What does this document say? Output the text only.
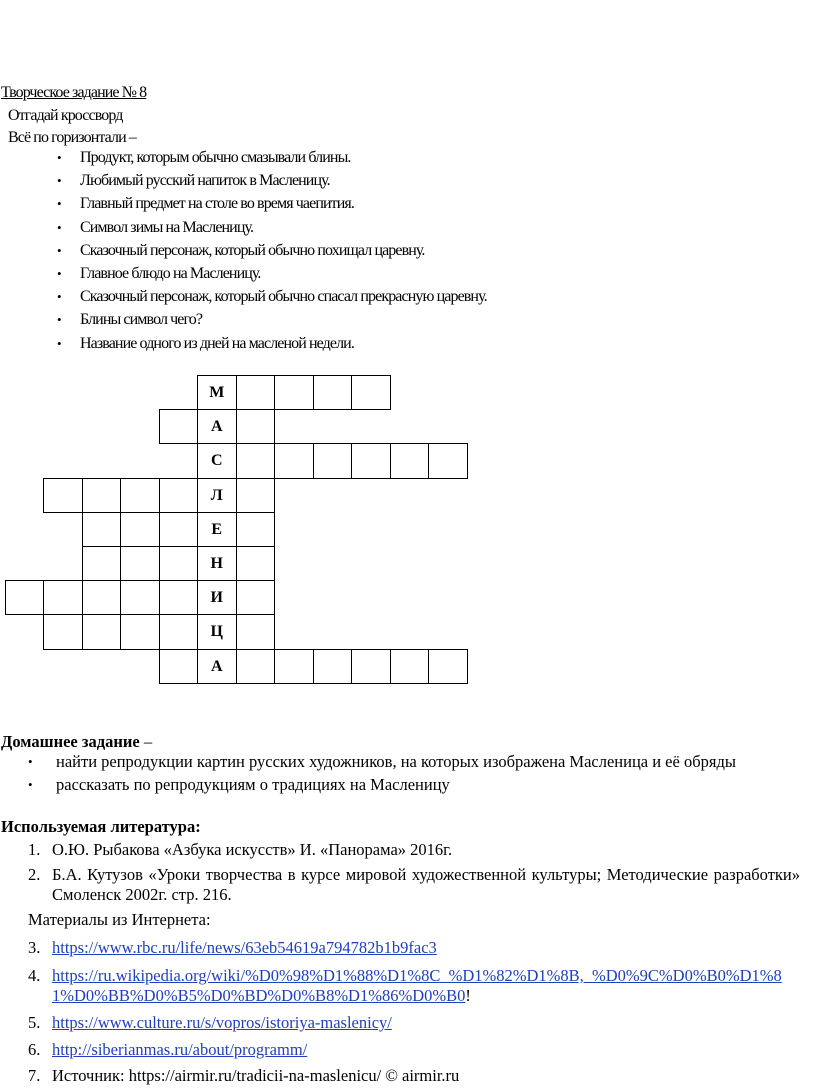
Творческое задание № 8
Отгадай кроссворд
Всё по горизонтали –
• Продукт, которым обычно смазывали блины.
• Любимый русский напиток в Масленицу.
• Главный предмет на столе во время чаепития.
• Символ зимы на Масленицу.
• Сказочный персонаж, который обычно похищал царевну.
• Главное блюдо на Масленицу.
• Сказочный персонаж, который обычно спасал прекрасную царевну.
• Блины символ чего?
• Название одного из дней на масленой недели.
М
А
С
Л
Е
Н
И
Ц
А
Домашнее задание –
• найти репродукции картин русских художников, на которых изображена Масленица и её обряды
• рассказать по репродукциям о традициях на Масленицу
Используемая литература:
1. О.Ю. Рыбакова «Азбука искусств» И. «Панорама» 2016г.
2. Б.А. Кутузов «Уроки творчества в курсе мировой художественной культуры; Методические разработки» Смоленск 2002г. стр. 216.
Материалы из Интернета:
3. https://www.rbc.ru/life/news/63eb54619a794782b1b9fac3
4. https://ru.wikipedia.org/wiki/%D0%98%D1%88%D1%8C_%D1%82%D1%8B,_%D0%9C%D0%B0%D1%81%D0%BB%D0%B5%D0%BD%D0%B8%D1%86%D0%B0!
5. https://www.culture.ru/s/vopros/istoriya-maslenicy/
6. http://siberianmas.ru/about/programm/
7. Источник: https://airmir.ru/tradicii-na-maslenicu/ © airmir.ru
